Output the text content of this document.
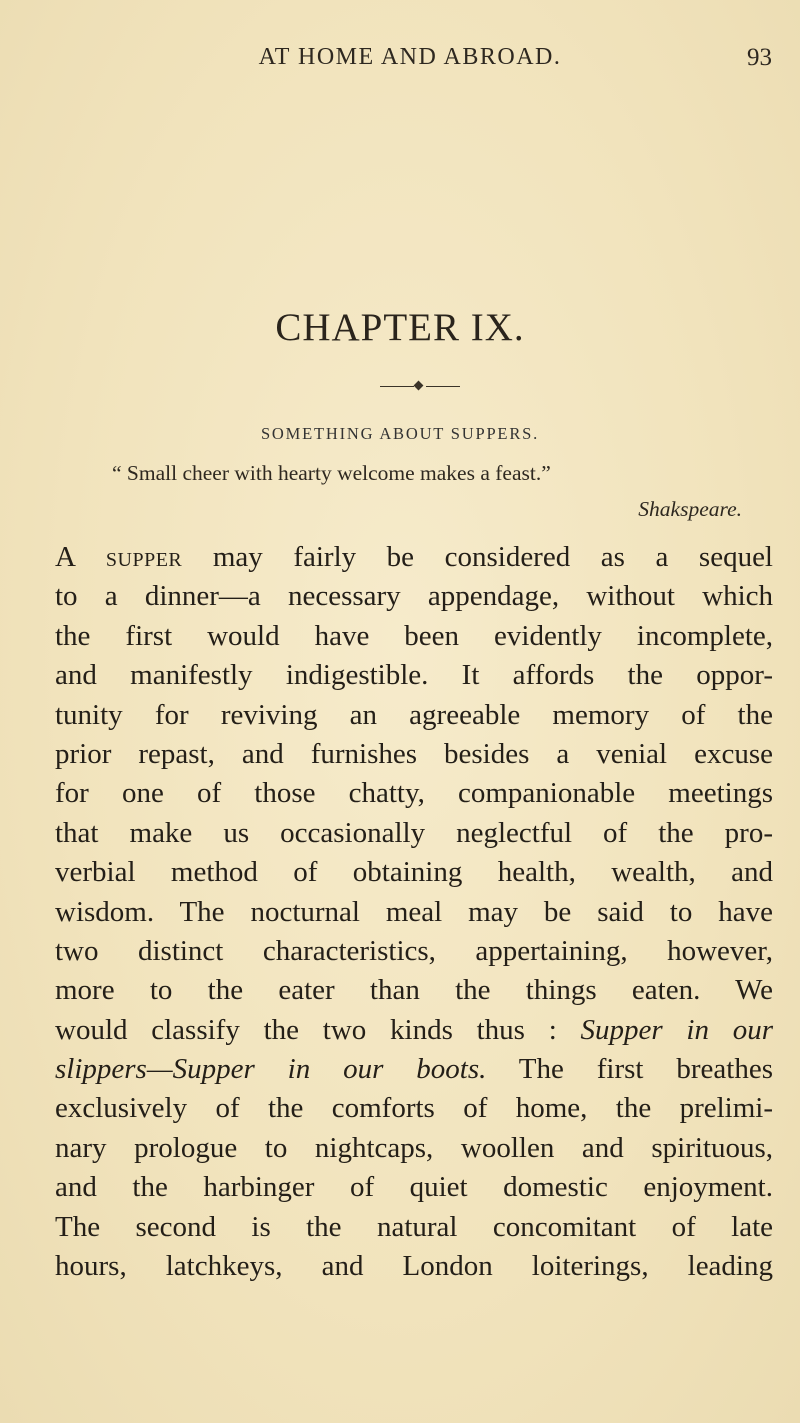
AT HOME AND ABROAD.	93
CHAPTER IX.
SOMETHING ABOUT SUPPERS.
“ Small cheer with hearty welcome makes a feast.”
Shakspeare.
A supper may fairly be considered as a sequel
to a dinner—a necessary appendage, without which
the first would have been evidently incomplete,
and manifestly indigestible. It affords the oppor-
tunity for reviving an agreeable memory of the
prior repast, and furnishes besides a venial excuse
for one of those chatty, companionable meetings
that make us occasionally neglectful of the pro-
verbial method of obtaining health, wealth, and
wisdom. The nocturnal meal may be said to have
two distinct characteristics, appertaining, however,
more to the eater than the things eaten. We
would classify the two kinds thus : Supper in our
slippers—Supper in our boots. The first breathes
exclusively of the comforts of home, the prelimi-
nary prologue to nightcaps, woollen and spirituous,
and the harbinger of quiet domestic enjoyment.
The second is the natural concomitant of late
hours, latchkeys, and London loiterings, leading
